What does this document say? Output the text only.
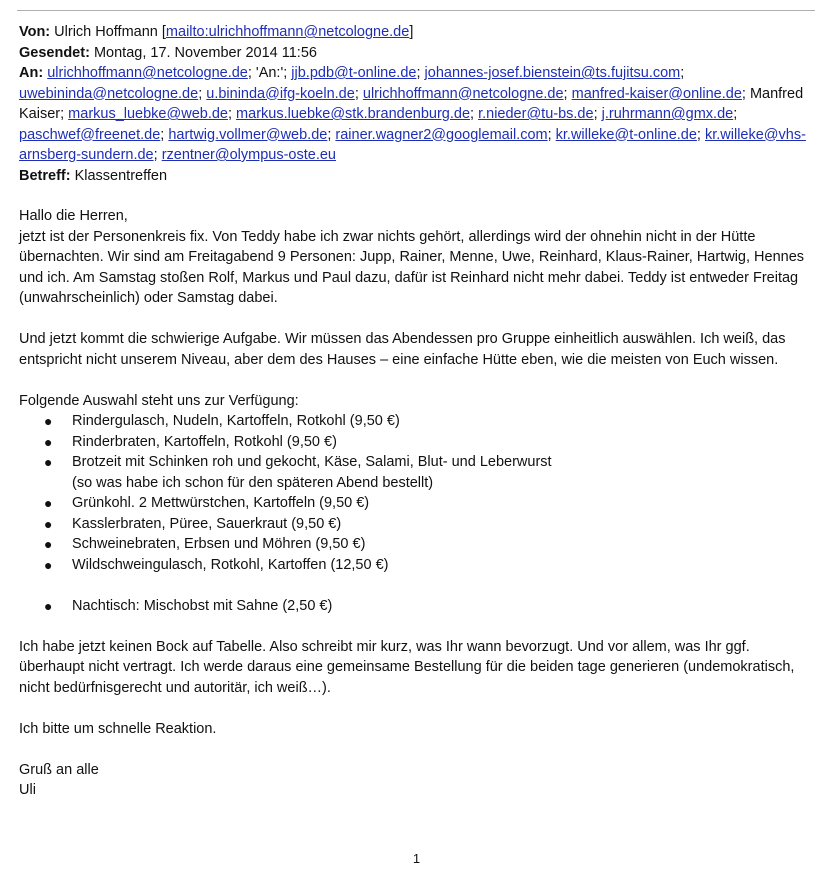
Von: Ulrich Hoffmann [mailto:ulrichhoffmann@netcologne.de]
Gesendet: Montag, 17. November 2014 11:56
An: ulrichhoffmann@netcologne.de; 'An:'; jjb.pdb@t-online.de; johannes-josef.bienstein@ts.fujitsu.com; uwebininda@netcologne.de; u.bininda@ifg-koeln.de; ulrichhoffmann@netcologne.de; manfred-kaiser@online.de; Manfred Kaiser; markus_luebke@web.de; markus.luebke@stk.brandenburg.de; r.nieder@tu-bs.de; j.ruhrmann@gmx.de; paschwef@freenet.de; hartwig.vollmer@web.de; rainer.wagner2@googlemail.com; kr.willeke@t-online.de; kr.willeke@vhs-arnsberg-sundern.de; rzentner@olympus-oste.eu
Betreff: Klassentreffen
Hallo die Herren,

jetzt ist der Personenkreis fix. Von Teddy habe ich zwar nichts gehört, allerdings wird der ohnehin nicht in der Hütte übernachten. Wir sind am Freitagabend 9 Personen: Jupp, Rainer, Menne, Uwe, Reinhard, Klaus-Rainer, Hartwig, Hennes und ich. Am Samstag stoßen Rolf, Markus und Paul dazu, dafür ist Reinhard nicht mehr dabei. Teddy ist entweder Freitag (unwahrscheinlich) oder Samstag dabei.

Und jetzt kommt die schwierige Aufgabe. Wir müssen das Abendessen pro Gruppe einheitlich auswählen. Ich weiß, das entspricht nicht unserem Niveau, aber dem des Hauses – eine einfache Hütte eben, wie die meisten von Euch wissen.

Folgende Auswahl steht uns zur Verfügung:
● Rindergulasch, Nudeln, Kartoffeln, Rotkohl (9,50 €)
● Rinderbraten, Kartoffeln, Rotkohl (9,50 €)
● Brotzeit mit Schinken roh und gekocht, Käse, Salami, Blut- und Leberwurst
(so was habe ich schon für den späteren Abend bestellt)
● Grünkohl. 2 Mettwürstchen, Kartoffeln (9,50 €)
● Kasslerbraten, Püree, Sauerkraut (9,50 €)
● Schweinebraten, Erbsen und Möhren (9,50 €)
● Wildschweingulasch, Rotkohl, Kartoffen (12,50 €)
● Nachtisch: Mischobst mit Sahne (2,50 €)

Ich habe jetzt keinen Bock auf Tabelle. Also schreibt mir kurz, was Ihr wann bevorzugt. Und vor allem, was Ihr ggf. überhaupt nicht vertragt. Ich werde daraus eine gemeinsame Bestellung für die beiden tage generieren (undemokratisch, nicht bedürfnisgerecht und autoritär, ich weiß…).

Ich bitte um schnelle Reaktion.

Gruß an alle
Uli
1
